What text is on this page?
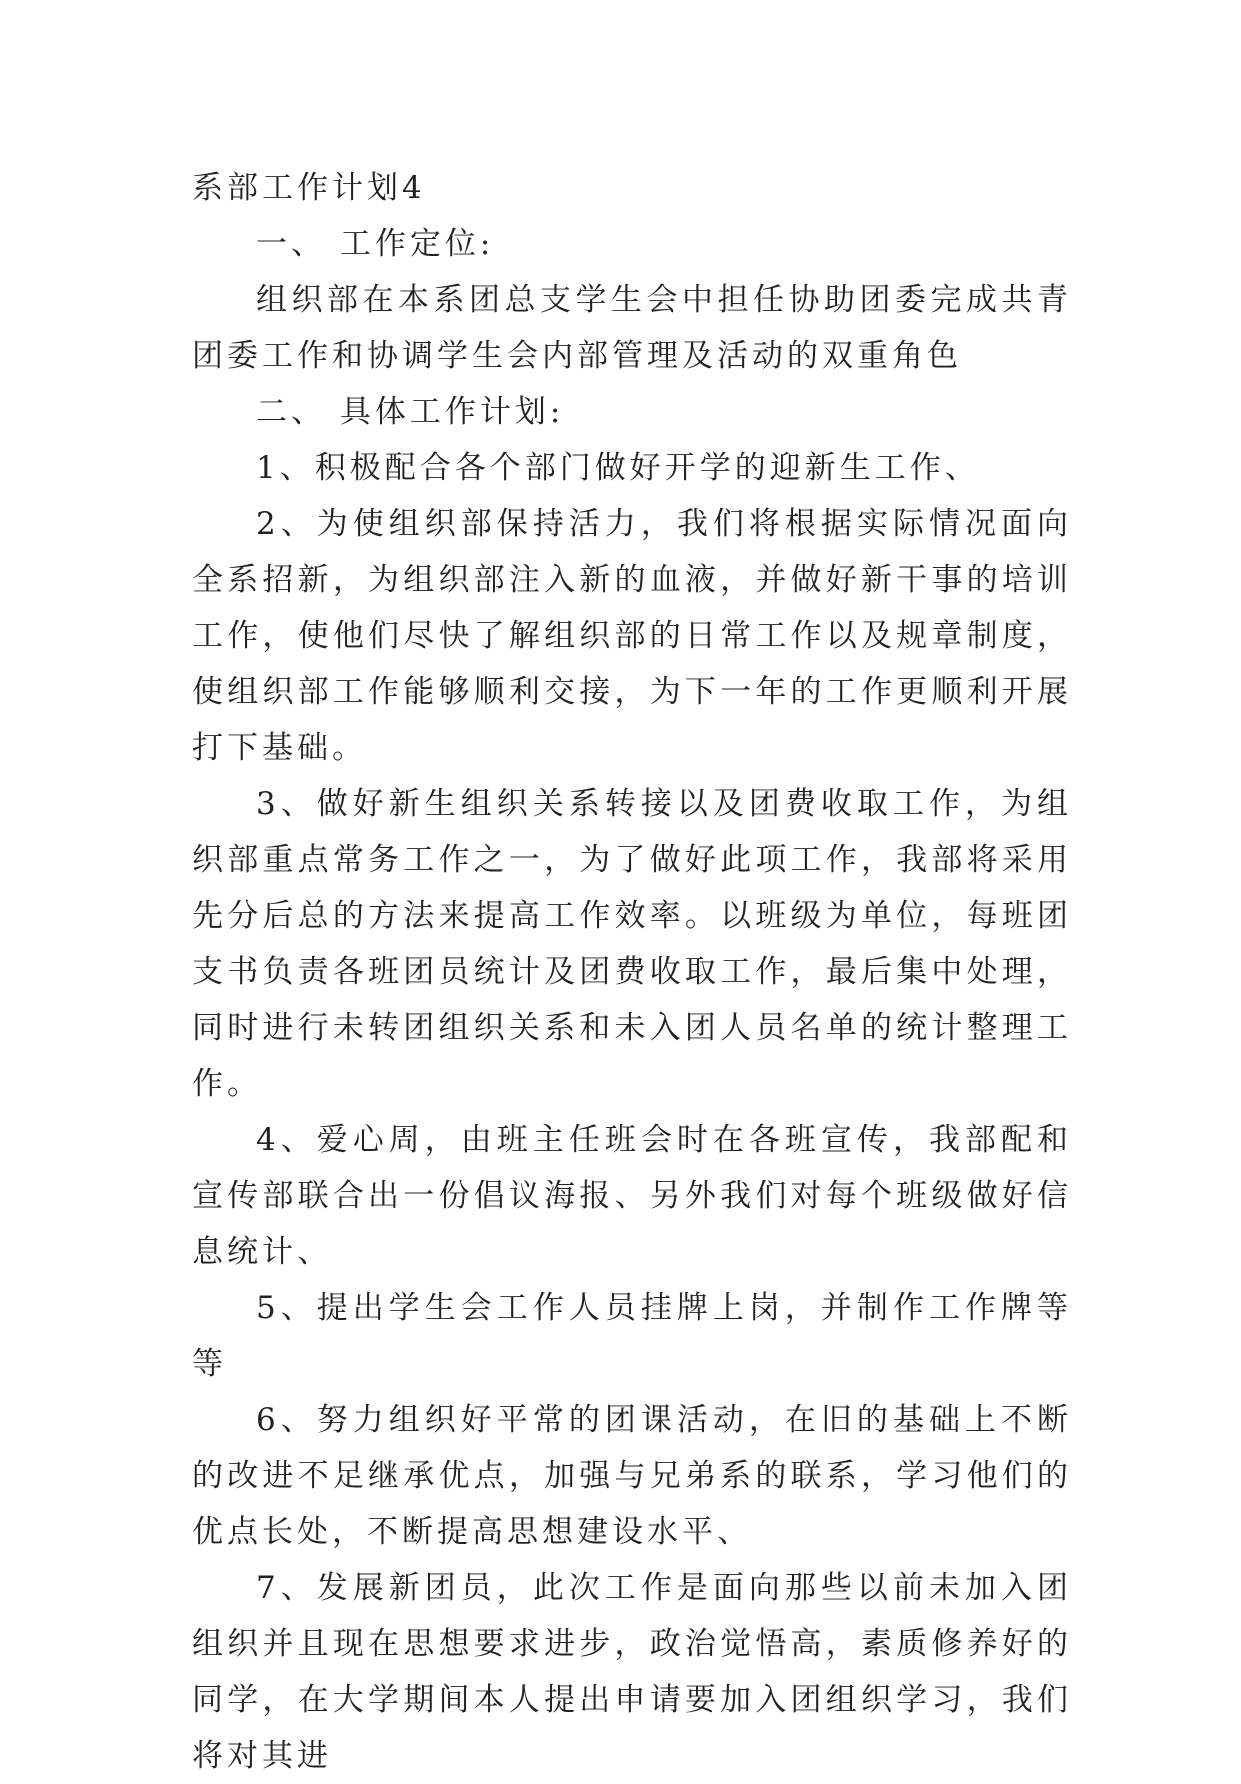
系部工作计划4

一、 工作定位:

组织部在本系团总支学生会中担任协助团委完成共青团委工作和协调学生会内部管理及活动的双重角色

二、 具体工作计划:

1、积极配合各个部门做好开学的迎新生工作、

2、为使组织部保持活力，我们将根据实际情况面向全系招新，为组织部注入新的血液，并做好新干事的培训工作，使他们尽快了解组织部的日常工作以及规章制度，使组织部工作能够顺利交接，为下一年的工作更顺利开展打下基础。

3、做好新生组织关系转接以及团费收取工作，为组织部重点常务工作之一，为了做好此项工作，我部将采用先分后总的方法来提高工作效率。以班级为单位，每班团支书负责各班团员统计及团费收取工作，最后集中处理，同时进行未转团组织关系和未入团人员名单的统计整理工作。

4、爱心周，由班主任班会时在各班宣传，我部配和宣传部联合出一份倡议海报、另外我们对每个班级做好信息统计、

5、提出学生会工作人员挂牌上岗，并制作工作牌等等

6、努力组织好平常的团课活动，在旧的基础上不断的改进不足继承优点，加强与兄弟系的联系，学习他们的优点长处，不断提高思想建设水平、

7、发展新团员，此次工作是面向那些以前未加入团组织并且现在思想要求进步，政治觉悟高，素质修养好的同学，在大学期间本人提出申请要加入团组织学习，我们将对其进
